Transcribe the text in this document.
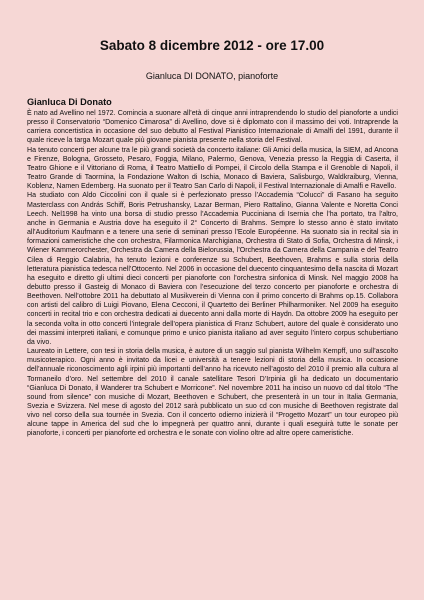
Sabato 8 dicembre 2012 - ore 17.00
Gianluca DI DONATO, pianoforte
Gianluca Di Donato

È nato ad Avellino nel 1972. Comincia a suonare all’età di cinque anni intraprendendo lo studio del pianoforte a undici presso il Conservatorio “Domenico Cimarosa” di Avellino, dove si è diplomato con il massimo dei voti. Intraprende la carriera concertistica in occasione del suo debutto al Festival Pianistico Internazionale di Amalfi del 1991, durante il quale riceve la targa Mozart quale più giovane pianista presente nella storia del Festival.

Ha tenuto concerti per alcune tra le più grandi società da concerto italiane: Gli Amici della musica, la SIEM, ad Ancona e Firenze, Bologna, Grosseto, Pesaro, Foggia, Milano, Palermo, Genova, Venezia presso la Reggia di Caserta, il Teatro Ghione e il Vittoriano di Roma, il Teatro Mattiello di Pompei, il Circolo della Stampa e il Grenoble di Napoli, il Teatro Grande di Taormina, la Fondazione Walton di Ischia, Monaco di Baviera, Salisburgo, Waldkraiburg, Vienna, Koblenz, Namen Edemberg. Ha suonato per il Teatro San Carlo di Napoli, il Festival Internazionale di Amalfi e Ravello.

Ha studiato con Aldo Ciccolini con il quale si è perfezionato presso l’Accademia “Colucci” di Fasano ha seguito Masterclass con András Schiff, Boris Petrushansky, Lazar Berman, Piero Rattalino, Gianna Valente e Noretta Conci Leech. Nel1998 ha vinto una borsa di studio presso l’Accademia Pucciniana di Isernia che l’ha portato, tra l’altro, anche in Germania e Austria dove ha eseguito il 2° Concerto di Brahms. Sempre lo stesso anno è stato invitato all’Auditorium Kaufmann e a tenere una serie di seminari presso l’Ecole Européenne. Ha suonato sia in recital sia in formazioni cameristiche che con orchestra, Filarmonica Marchigiana, Orchestra di Stato di Sofia, Orchestra di Minsk, i Wiener Kammerorchester, Orchestra da Camera della Bielorussia, l’Orchestra da Camera della Campania e del Teatro Cilea di Reggio Calabria, ha tenuto lezioni e conferenze su Schubert, Beethoven, Brahms e sulla storia della letteratura pianistica tedesca nell’Ottocento. Nel 2006 in occasione del duecento cinquantesimo della nascita di Mozart ha eseguito e diretto gli ultimi dieci concerti per pianoforte con l’orchestra sinfonica di Minsk. Nel maggio 2008 ha debutto presso il Gasteig di Monaco di Baviera con l’esecuzione del terzo concerto per pianoforte e orchestra di Beethoven. Nell’ottobre 2011 ha debuttato al Musikverein di Vienna con il primo concerto di Brahms op.15. Collabora con artisti del calibro di Luigi Piovano, Elena Cecconi, il Quartetto dei Berliner Philharmoniker. Nel 2009 ha eseguito concerti in recital trio e con orchestra dedicati ai duecento anni dalla morte di Haydn. Da ottobre 2009 ha eseguito per la seconda volta in otto concerti l’integrale dell’opera pianistica di Franz Schubert, autore del quale è considerato uno dei massimi interpreti italiani, e comunque primo e unico pianista italiano ad aver seguito l’intero corpus schubertiano da vivo.

Laureato in Lettere, con tesi in storia della musica, è autore di un saggio sul pianista Wilhelm Kempff, uno sull’ascolto musicoterapico. Ogni anno è invitato da licei e università a tenere lezioni di storia della musica. In occasione dell’annuale riconoscimento agli irpini più importanti dell’anno ha ricevuto nell’agosto del 2010 il premio alla cultura al Tormaneilo d’oro. Nel settembre del 2010 il canale satellitare Tesori D’Irpinia gli ha dedicato un documentario “Gianluca Di Donato, il Wanderer tra Schubert e Morricone”. Nel novembre 2011 ha inciso un nuovo cd dal titolo “The sound from silence” con musiche di Mozart, Beethoven e Schubert, che presenterà in un tour in Italia Germania, Svezia e Svizzera. Nel mese di agosto del 2012 sarà pubblicato un suo cd con musiche di Beethoven registrate dal vivo nel corso della sua tournée in Svezia. Con il concerto odierno inizierà il “Progetto Mozart” un tour europeo più alcune tappe in America del sud che lo impegnerà per quattro anni, durante i quali eseguirà tutte le sonate per pianoforte, i concerti per pianoforte ed orchestra e le sonate con violino oltre ad altre opere cameristiche.
